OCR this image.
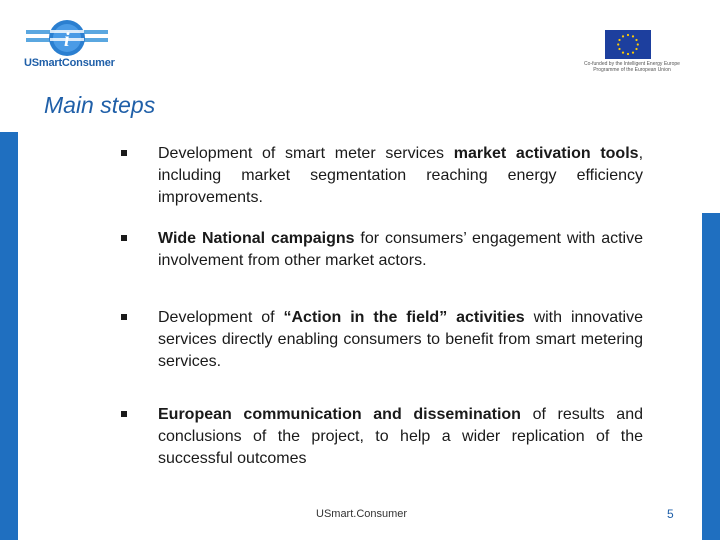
i
USmartConsumer	Co-funded by the Intelligent Energy Europe
Programme of the European Union
Main steps
Development of smart meter services market activation tools, including market segmentation reaching energy efficiency improvements.
Wide National campaigns for consumers’ engagement with active involvement from other market actors.
Development of “Action in the field” activities with innovative services directly enabling consumers to benefit from smart metering services.
European communication and dissemination of results and conclusions of the project, to help a wider replication of the successful outcomes
USmart.Consumer	5
